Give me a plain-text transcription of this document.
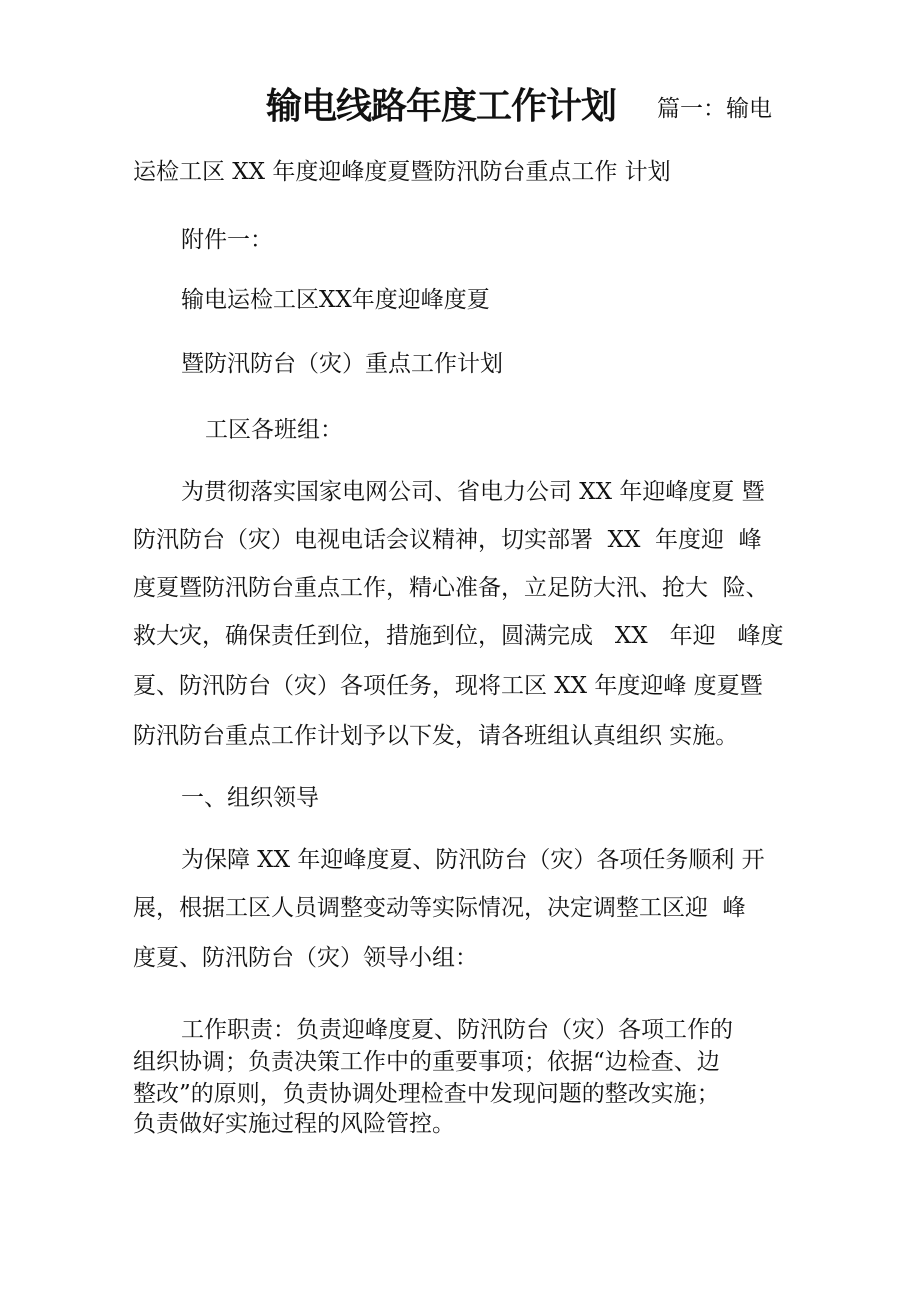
输电线路年度工作计划 篇一：输电
运检工区 XX 年度迎峰度夏暨防汛防台重点工作 计划
附件一：
输电运检工区XX年度迎峰度夏
暨防汛防台（灾）重点工作计划
工区各班组：
为贯彻落实国家电网公司、省电力公司 XX 年迎峰度夏 暨
防汛防台（灾）电视电话会议精神，切实部署  XX  年度迎  峰
度夏暨防汛防台重点工作，精心准备，立足防大汛、抢大  险、
救大灾，确保责任到位，措施到位，圆满完成   XX   年迎   峰度
夏、防汛防台（灾）各项任务，现将工区 XX 年度迎峰 度夏暨
防汛防台重点工作计划予以下发，请各班组认真组织 实施。
一、组织领导
为保障 XX 年迎峰度夏、防汛防台（灾）各项任务顺利 开
展，根据工区人员调整变动等实际情况，决定调整工区迎  峰
度夏、防汛防台（灾）领导小组：
工作职责：负责迎峰度夏、防汛防台（灾）各项工作的
组织协调；负责决策工作中的重要事项；依据“边检查、边
整改”的原则，负责协调处理检查中发现问题的整改实施；
负责做好实施过程的风险管控。
